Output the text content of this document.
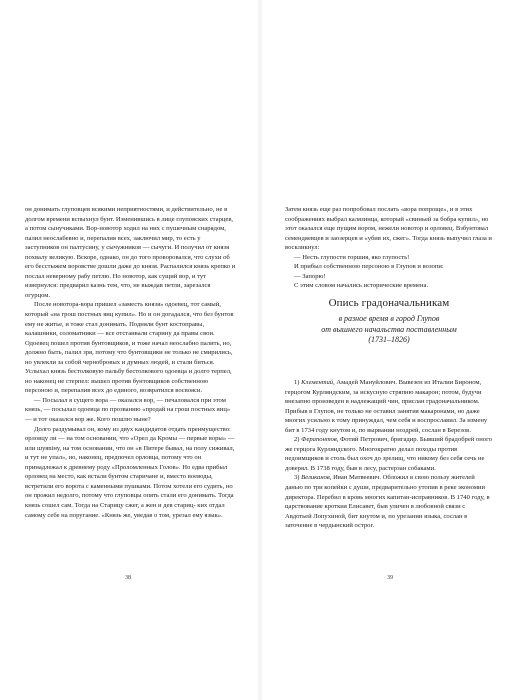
он донимать глуповцев всякими неприятностями, и действительно, не в долгом времени вспыхнул бунт. Изменившись в лице глуповских старцев, а потом сынучиками. Вор-новотор ходил на них с пушечным снарядом, палил неослабевно и, перепалив всех, заключил мир, то есть у заступников он палтусину, у сычужников — сычуги. И получил от князя похвалу великую. Вскоре, однако, он до того проворовался, что слухи об его бесстыжем воровстве дошли даже до князя. Распалился князь крепко и послал неверному рабу петлю. Но новотор, как сущий вор, и тут извернулся: предварил казнь тем, что, не выждав петли, зарезался огурцом.

После новотора-вора пришел «заместь князя» одоевец, тот самый, который «на грош постных яиц купил». Но и он догадался, что без бунтов ему не житье, и тоже стал донимать. Подняли бунт костоправы, калашники, соломатники — все отстаивали старину да правы свои. Одоевец пошел против бунтовщиков, и тоже начал неослабно палить, но, должно быть, палил зря, потому что бунтовщики не только не смирились, но увлекли за собой чернобровых и думных людей, и стали биться. Услыхал князь бестолковую пальбу бестолкового одоевца и долго терпел, но наконец не стерпел: вышел против бунтовщиков собственною персоною и, перепалив всех до единого, возвратился восвояси.

— Посылал я сущего вора — оказался вор, — печаловался при этом князь, — посылал одоевца по прозванию «продай на грош постных яиц» — и тот оказался вор же. Кого пошлю ныне?

Долго раздумывал он, кому из двух кандидатов отдать преимущество: орловцу ли — на том основании, что «Орел да Кромы — первые воры» — или шуяniну, на том основании, что он «в Питере бывал, на полу сиживал, и тут не упал», но, наконец, предпочел орловца, потому что он принадлежал к древнему роду «Проломленных Голов». Но едва прибыл орловец на место, как встали бунтом старичане и, вместо воеводы, встретили его ворота с каменными пушками. Потом хотели его судить, но он прожил недолго, потому что глуповцы опять стали его донимать. Тогда князь сошел сам. Тогда на Старицу сжег, а жен и дев стариц- ких отдал самому себе на поругание. «Князь же, уведав о том, урезал ему язык».

38

Затем князь еще раз попробовал послать «вора попроще», и в этих соображениях выбрал калязинца, который «свиньей за бобра купил», но этот оказался еще пущим вором, нежели новотор и орловец. Взбунтовал семендяевцев и заозерцев и «убив их, сжег». Тогда князь выпучил глаза и воскликнул:

— Несть глупости горшия, яко глупость!

И прибыл собственною персоною в Глупов и возопи:

— Запорю!

С этим словом начались исторические времена.

Опись градоначальникам
в разное время в город Глупов
от вышнего начальства поставленным
(1731–1826)

1) Клементий, Амадей Мануйлович. Вывезен из Италии Бироном, герцогом Курляндским, за искусную стряпню макарон; потом, будучи внезапно произведен в надлежащий чин, прислан градоначальником. Прибыв в Глупов, не только не оставил занятия макаронами, но даже многих усильно к тому принуждал, чем себя и воспрославил. За измену бит в 1734 году кнутом и, по вырвании ноздрей, сослан в Березов.

2) Ферапонтов, Фотий Петрович, бригадир. Бывший брадобрей оного же герцога Курляндского. Многократно делал походы против недоимщиков и столь был охоч до зрелищ, что никому без себя сечь не доверял. В 1738 году, быв в лесу, растерзан собаками.

3) Великанов, Иван Матвеевич. Обложил в свою пользу жителей данью по три копейки с души, предварительно утопив в реке экономии директора. Перебил в кровь многих капитан-исправников. В 1740 году, в царствование кроткия Елисавет, быв уличен в любовной связи с Авдотьей Лопухиной, бит кнутом и, по урезании языка, сослан в заточение в чердынский острог.

39
